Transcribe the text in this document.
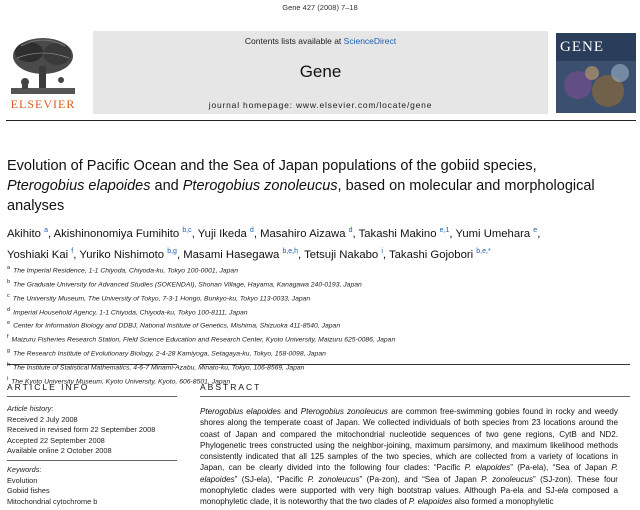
Gene 427 (2008) 7–18
ELSEVIER
Contents lists available at ScienceDirect
Gene
journal homepage: www.elsevier.com/locate/gene
GENE
Evolution of Pacific Ocean and the Sea of Japan populations of the gobiid species,
Pterogobius elapoides and Pterogobius zonoleucus, based on molecular and morphological analyses
Akihito $^a$, Akishinonomiya Fumihito $^{b,c}$, Yuji Ikeda $^d$, Masahiro Aizawa $^d$, Takashi Makino $^{e,1}$, Yumi Umehara $^e$,
Yoshiaki Kai $^f$, Yuriko Nishimoto $^{b,g}$, Masami Hasegawa $^{b,e,h}$, Tetsuji Nakabo $^i$, Takashi Gojobori $^{b,e,*}$
$^a$ The Imperial Residence, 1-1 Chiyoda, Chiyoda-ku, Tokyo 100-0001, Japan
$^b$ The Graduate University for Advanced Studies (SOKENDAI), Shonan Village, Hayama, Kanagawa 240-0193, Japan
$^c$ The University Museum, The University of Tokyo, 7-3-1 Hongo, Bunkyo-ku, Tokyo 113-0033, Japan
$^d$ Imperial Household Agency, 1-1 Chiyoda, Chiyoda-ku, Tokyo 100-8111, Japan
$^e$ Center for Information Biology and DDBJ, National Institute of Genetics, Mishima, Shizuoka 411-8540, Japan
$^f$ Maizuru Fisheries Research Station, Field Science Education and Research Center, Kyoto University, Maizuru 625-0086, Japan
$^g$ The Research Institute of Evolutionary Biology, 2-4-28 Kamiyoga, Setagaya-ku, Tokyo, 158-0098, Japan
$^h$ The Institute of Statistical Mathematics, 4-6-7 Minami-Azabu, Minato-ku, Tokyo, 106-8569, Japan
$^i$ The Kyoto University Museum, Kyoto University, Kyoto, 606-8501, Japan
ARTICLE INFO	ABSTRACT
Article history:
Received 2 July 2008
Received in revised form 22 September 2008
Accepted 22 September 2008
Available online 2 October 2008
Keywords:
Evolution
Gobiid fishes
Mitochondrial cytochrome b
Pterogobius elapoides and Pterogobius zonoleucus are common free-swimming gobies found in rocky and weedy shores along the temperate coast of Japan. We collected individuals of both species from 23 locations around the coast of Japan and compared the mitochondrial nucleotide sequences of two gene regions, CytB and ND2. Phylogenetic trees constructed using the neighbor-joining, maximum parsimony, and maximum likelihood methods consistently indicated that all 125 samples of the two species, which are collected from a variety of locations in Japan, can be clearly divided into the following four clades: “Pacific P. elapoides” (Pa-ela), “Sea of Japan P. elapoides” (SJ-ela), “Pacific P. zonoleucus” (Pa-zon), and “Sea of Japan P. zonoleucus” (SJ-zon). These four monophyletic clades were supported with very high bootstrap values. Although Pa-ela and SJ-ela composed a monophyletic clade, it is noteworthy that the two clades of P. elapoides also formed a monophyletic
